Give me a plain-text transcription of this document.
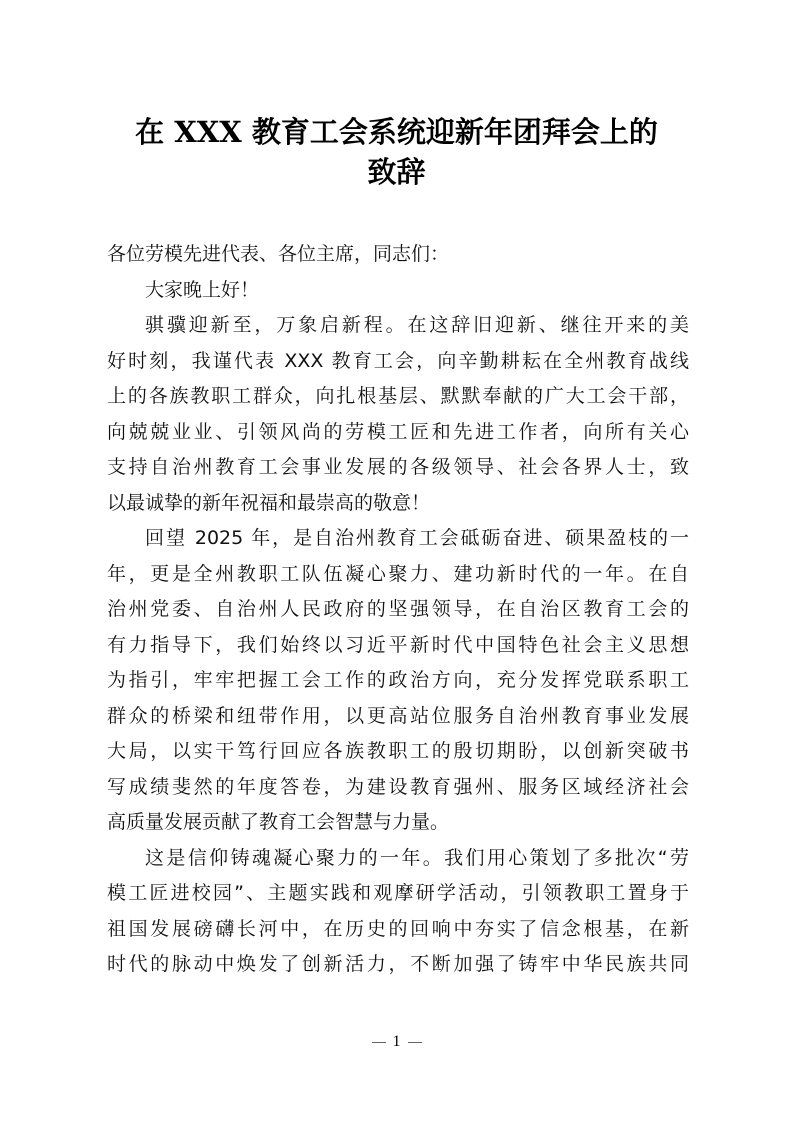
在 XXX 教育工会系统迎新年团拜会上的
致辞
各位劳模先进代表、各位主席，同志们：
大家晚上好！
骐骥迎新至，万象启新程。在这辞旧迎新、继往开来的美
好时刻，我谨代表 XXX 教育工会，向辛勤耕耘在全州教育战线
上的各族教职工群众，向扎根基层、默默奉献的广大工会干部，
向兢兢业业、引领风尚的劳模工匠和先进工作者，向所有关心
支持自治州教育工会事业发展的各级领导、社会各界人士，致
以最诚挚的新年祝福和最崇高的敬意！
回望 2025 年，是自治州教育工会砥砺奋进、硕果盈枝的一
年，更是全州教职工队伍凝心聚力、建功新时代的一年。在自
治州党委、自治州人民政府的坚强领导，在自治区教育工会的
有力指导下，我们始终以习近平新时代中国特色社会主义思想
为指引，牢牢把握工会工作的政治方向，充分发挥党联系职工
群众的桥梁和纽带作用，以更高站位服务自治州教育事业发展
大局，以实干笃行回应各族教职工的殷切期盼，以创新突破书
写成绩斐然的年度答卷，为建设教育强州、服务区域经济社会
高质量发展贡献了教育工会智慧与力量。
这是信仰铸魂凝心聚力的一年。我们用心策划了多批次“劳
模工匠进校园”、主题实践和观摩研学活动，引领教职工置身于
祖国发展磅礴长河中，在历史的回响中夯实了信念根基，在新
时代的脉动中焕发了创新活力，不断加强了铸牢中华民族共同
1
